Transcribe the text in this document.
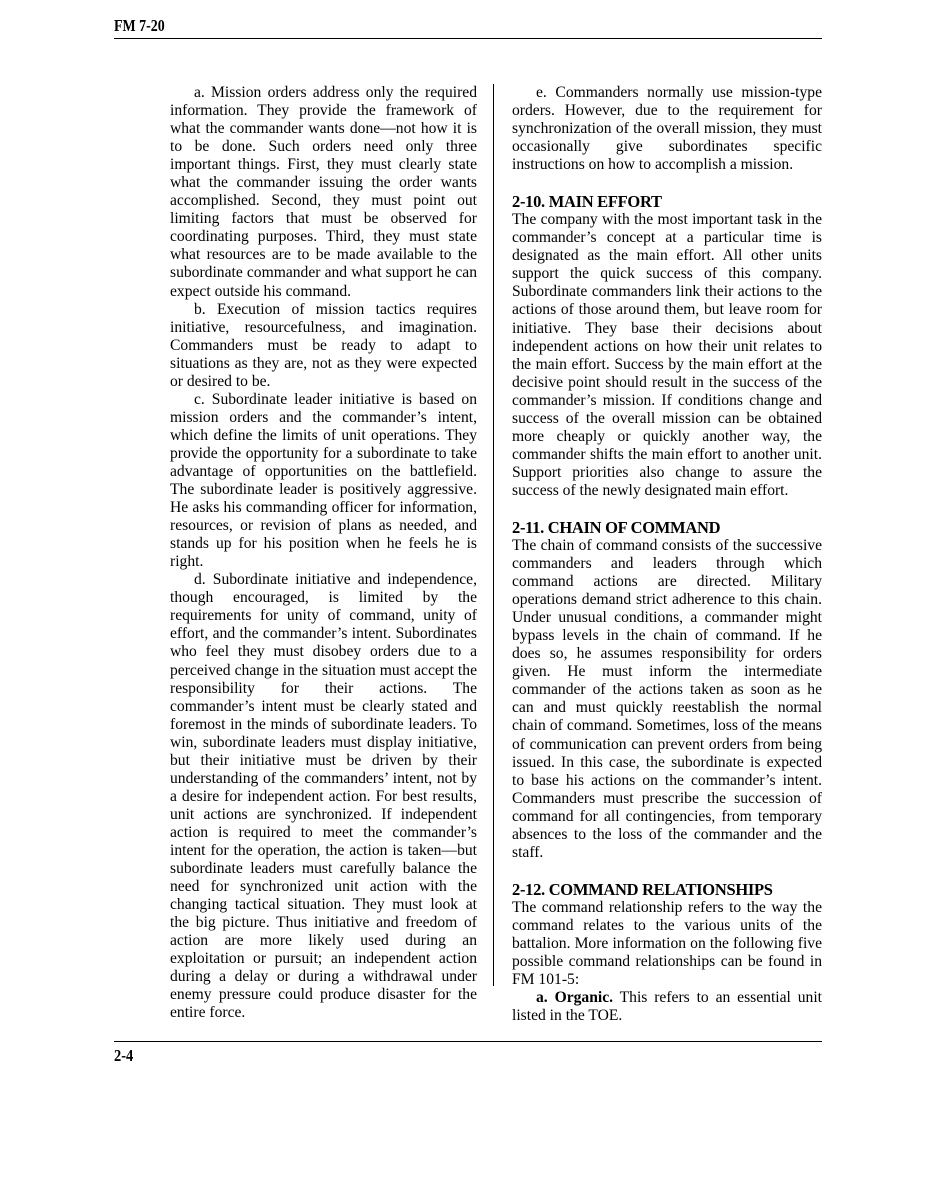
FM 7-20

a. Mission orders address only the required information. They provide the framework of what the commander wants done—not how it is to be done. Such orders need only three important things. First, they must clearly state what the commander issuing the order wants accomplished. Second, they must point out limiting factors that must be observed for coordinating purposes. Third, they must state what resources are to be made available to the subordinate commander and what support he can expect outside his command.

b. Execution of mission tactics requires initiative, resourcefulness, and imagination. Commanders must be ready to adapt to situations as they are, not as they were expected or desired to be.

c. Subordinate leader initiative is based on mission orders and the commander’s intent, which define the limits of unit operations. They provide the opportunity for a subordinate to take advantage of opportunities on the battlefield. The subordinate leader is positively aggressive. He asks his commanding officer for information, resources, or revision of plans as needed, and stands up for his position when he feels he is right.

d. Subordinate initiative and independence, though encouraged, is limited by the requirements for unity of command, unity of effort, and the commander’s intent. Subordinates who feel they must disobey orders due to a perceived change in the situation must accept the responsibility for their actions. The commander’s intent must be clearly stated and foremost in the minds of subordinate leaders. To win, subordinate leaders must display initiative, but their initiative must be driven by their understanding of the commanders’ intent, not by a desire for independent action. For best results, unit actions are synchronized. If independent action is required to meet the commander’s intent for the operation, the action is taken—but subordinate leaders must carefully balance the need for synchronized unit action with the changing tactical situation. They must look at the big picture. Thus initiative and freedom of action are more likely used during an exploitation or pursuit; an independent action during a delay or during a withdrawal under enemy pressure could produce disaster for the entire force.

e. Commanders normally use mission-type orders. However, due to the requirement for synchronization of the overall mission, they must occasionally give subordinates specific instructions on how to accomplish a mission.

2-10. MAIN EFFORT

The company with the most important task in the commander’s concept at a particular time is designated as the main effort. All other units support the quick success of this company. Subordinate commanders link their actions to the actions of those around them, but leave room for initiative. They base their decisions about independent actions on how their unit relates to the main effort. Success by the main effort at the decisive point should result in the success of the commander’s mission. If conditions change and success of the overall mission can be obtained more cheaply or quickly another way, the commander shifts the main effort to another unit. Support priorities also change to assure the success of the newly designated main effort.

2-11. CHAIN OF COMMAND

The chain of command consists of the successive commanders and leaders through which command actions are directed. Military operations demand strict adherence to this chain. Under unusual conditions, a commander might bypass levels in the chain of command. If he does so, he assumes responsibility for orders given. He must inform the intermediate commander of the actions taken as soon as he can and must quickly reestablish the normal chain of command. Sometimes, loss of the means of communication can prevent orders from being issued. In this case, the subordinate is expected to base his actions on the commander’s intent. Commanders must prescribe the succession of command for all contingencies, from temporary absences to the loss of the commander and the staff.

2-12. COMMAND RELATIONSHIPS

The command relationship refers to the way the command relates to the various units of the battalion. More information on the following five possible command relationships can be found in FM 101-5:

a. Organic. This refers to an essential unit listed in the TOE.

2-4
